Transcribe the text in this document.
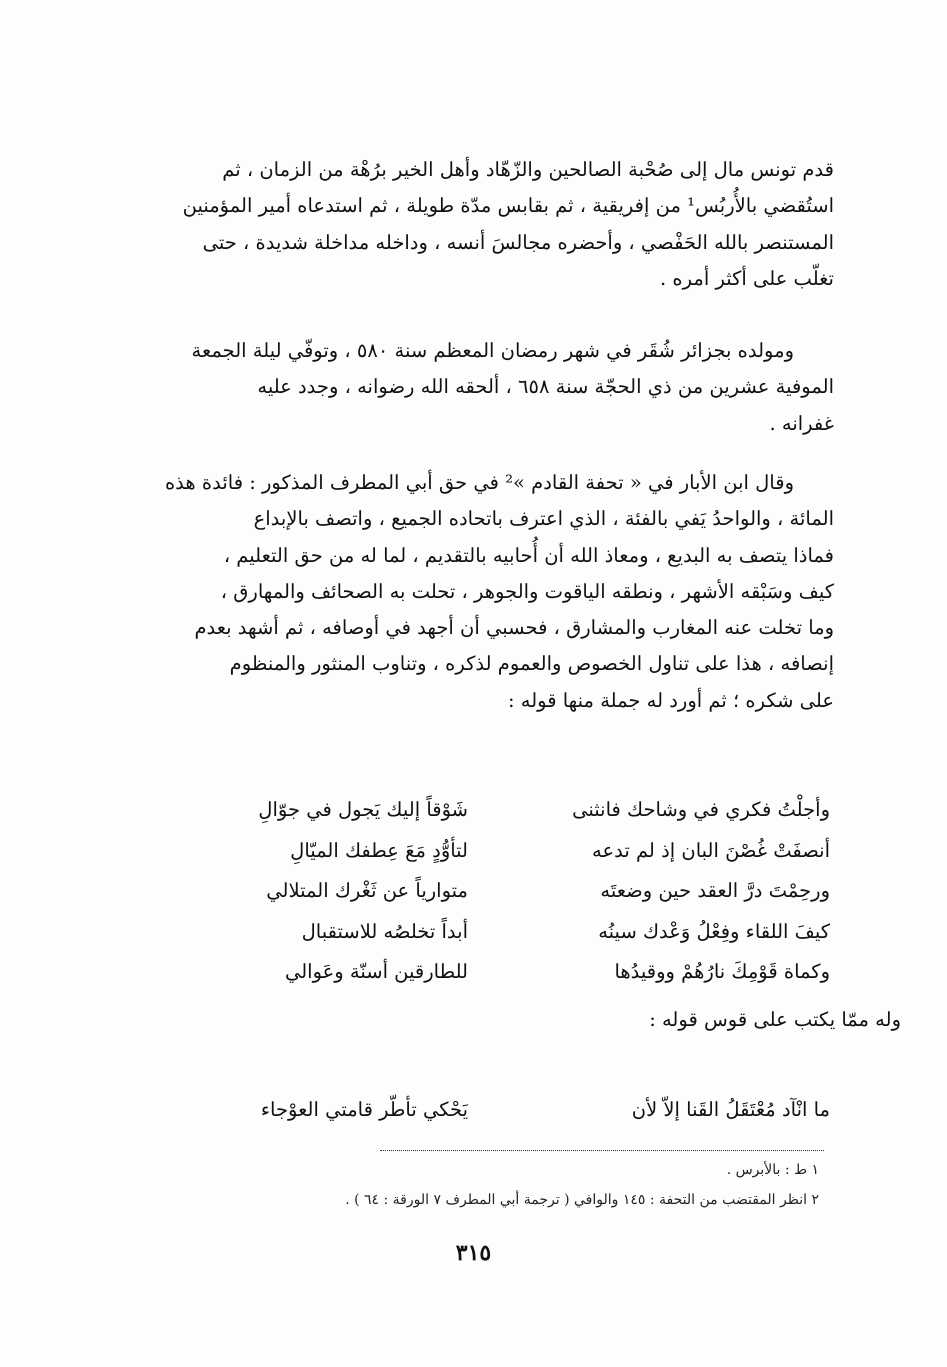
قدم تونس مال إلى صُحْبة الصالحين والزّهّاد وأهل الخير برُهْة من الزمان ، ثم
استُقضي بالأُربُس¹ من إفريقية ، ثم بقابس مدّة طويلة ، ثم استدعاه أمير المؤمنين
المستنصر بالله الحَفْصي ، وأحضره مجالسَ أنسه ، وداخله مداخلة شديدة ، حتى
تغلّب على أكثر أمره .

ومولده بجزائر شُقَر في شهر رمضان المعظم سنة ٥٨٠ ، وتوفّي ليلة الجمعة
الموفية عشرين من ذي الحجّة سنة ٦٥٨ ، ألحقه الله رضوانه ، وجدد عليه
غفرانه .

وقال ابن الأبار في « تحفة القادم »² في حق أبي المطرف المذكور : فائدة هذه
المائة ، والواحدُ يَفي بالفئة ، الذي اعترف باتحاده الجميع ، واتصف بالإبداع
فماذا يتصف به البديع ، ومعاذ الله أن أُحابيه بالتقديم ، لما له من حق التعليم ،
كيف وسَبْقه الأشهر ، ونطقه الياقوت والجوهر ، تحلت به الصحائف والمهارق ،
وما تخلت عنه المغارب والمشارق ، فحسبي أن أجهد في أوصافه ، ثم أشهد بعدم
إنصافه ، هذا على تناول الخصوص والعموم لذكره ، وتناوب المنثور والمنظوم
على شكره ؛ ثم أورد له جملة منها قوله :

وأجلْتُ فكري في وشاحك فانثنى
شَوْقاً إليك يَجول في جوّالِ
أنصفَتْ غُصْنَ البان إذ لم تدعه
لتأوُّدٍ مَعَ عِطفك الميّالِ
ورحِمْتَ درَّ العقد حين وضعتَه
متوارياً عن ثَغْرك المتلالي
كيفَ اللقاء وفِعْلُ وَعْدك سينُه
أبداً تخلصُه للاستقبال
وكماة قَوْمِكَ نارُهُمْ ووقيدُها
للطارقين أسنّة وعَوالي
وله ممّا يكتب على قوس قوله :
ما انْآد مُعْتَقَلُ القَنا إلاّ لأن
يَحْكي تأطّر قامتي العوْجاء
١ ط : بالأبرس .
٢ انظر المقتضب من التحفة : ١٤٥ والوافي ( ترجمة أبي المطرف ٧ الورقة : ٦٤ ) .
٣١٥
